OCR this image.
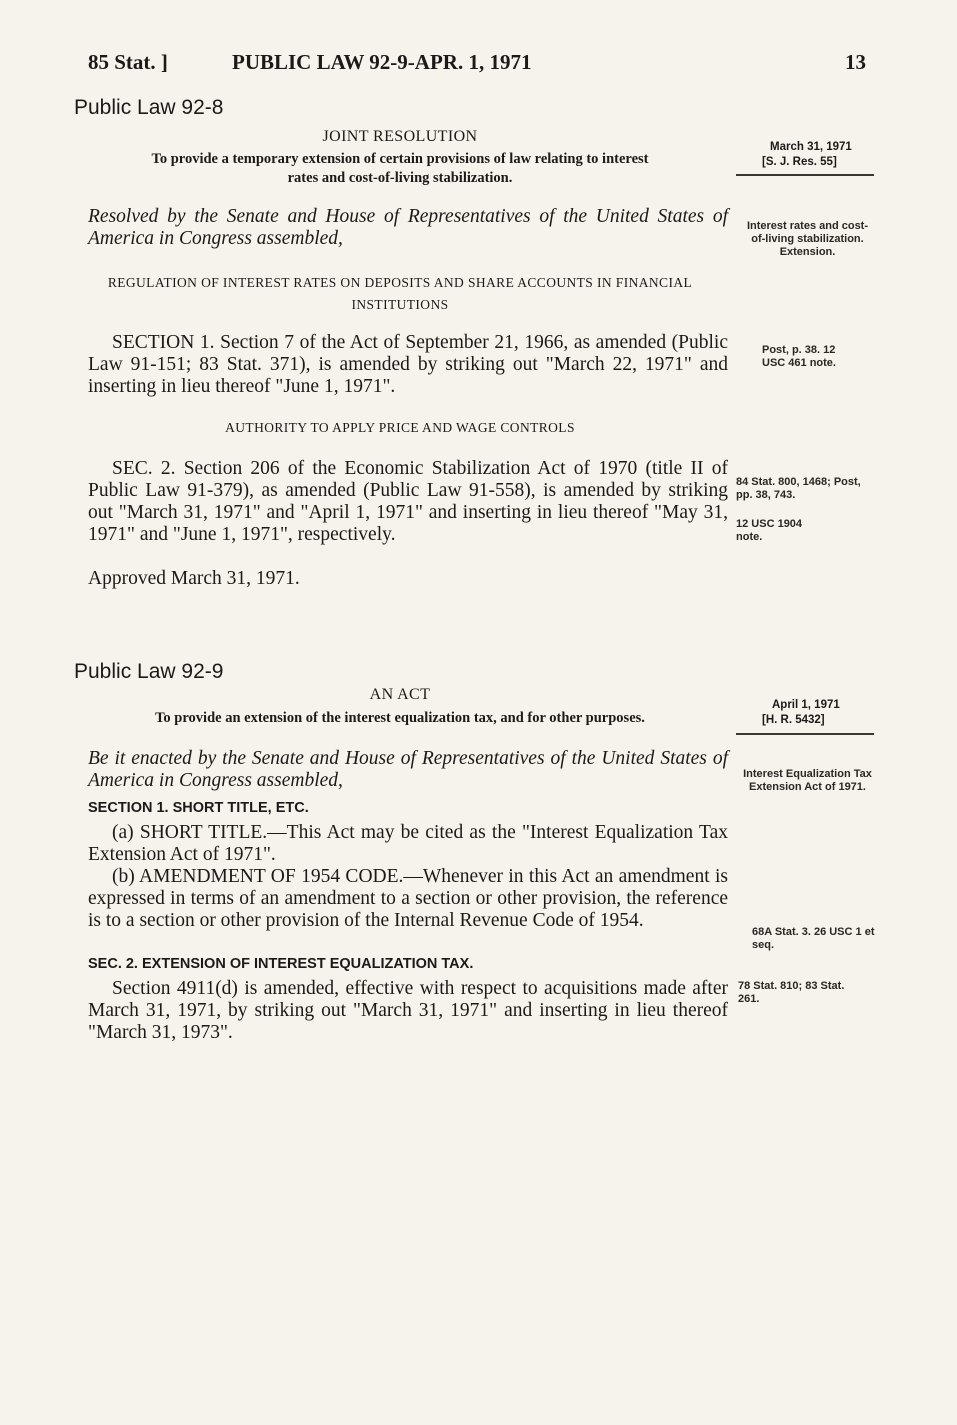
85 Stat. ]	PUBLIC LAW 92-9-APR. 1, 1971	13
Public Law 92-8
JOINT RESOLUTION
To provide a temporary extension of certain provisions of law relating to interest
rates and cost-of-living stabilization.
March 31, 1971
[S. J. Res. 55]
Resolved by the Senate and House of Representatives of the United States of America in Congress assembled,
Interest rates and cost-of-living stabilization. Extension.
REGULATION OF INTEREST RATES ON DEPOSITS AND SHARE ACCOUNTS IN FINANCIAL INSTITUTIONS
SECTION 1. Section 7 of the Act of September 21, 1966, as amended (Public Law 91-151; 83 Stat. 371), is amended by striking out "March 22, 1971" and inserting in lieu thereof "June 1, 1971".
Post, p. 38. 12 USC 461 note.
AUTHORITY TO APPLY PRICE AND WAGE CONTROLS
SEC. 2. Section 206 of the Economic Stabilization Act of 1970 (title II of Public Law 91-379), as amended (Public Law 91-558), is amended by striking out "March 31, 1971" and "April 1, 1971" and inserting in lieu thereof "May 31, 1971" and "June 1, 1971", respectively.
84 Stat. 800, 1468; Post, pp. 38, 743.
12 USC 1904 note.
Approved March 31, 1971.
Public Law 92-9
AN ACT
To provide an extension of the interest equalization tax, and for other purposes.
April 1, 1971
[H. R. 5432]
Be it enacted by the Senate and House of Representatives of the United States of America in Congress assembled,	Interest Equalization Tax Extension Act of 1971.
SECTION 1. SHORT TITLE, ETC.
(a) SHORT TITLE.—This Act may be cited as the "Interest Equalization Tax Extension Act of 1971".
(b) AMENDMENT OF 1954 CODE.—Whenever in this Act an amendment is expressed in terms of an amendment to a section or other provision, the reference is to a section or other provision of the Internal Revenue Code of 1954.
68A Stat. 3. 26 USC 1 et seq.
SEC. 2. EXTENSION OF INTEREST EQUALIZATION TAX.
Section 4911(d) is amended, effective with respect to acquisitions made after March 31, 1971, by striking out "March 31, 1971" and inserting in lieu thereof "March 31, 1973".
78 Stat. 810; 83 Stat. 261.
